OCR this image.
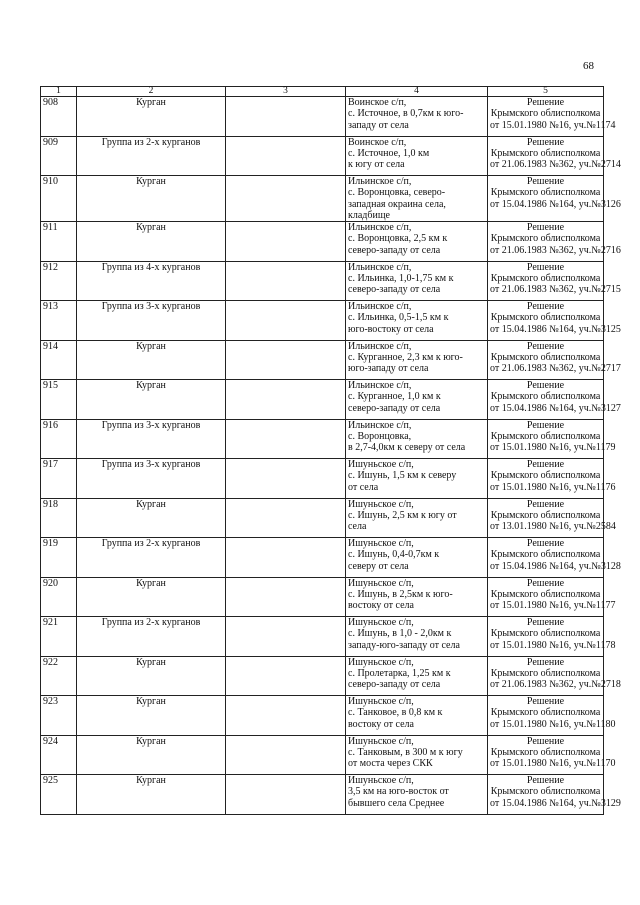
68
1	2	3	4	5
908	Курган		Воинское с/п,
с. Источное, в 0,7км к юго-
западу от села	Решение
Крымского облисполкома
от 15.01.1980 №16, уч.№1174

909	Группа из 2-х курганов		Воинское с/п,
с. Источное, 1,0 км
к югу от села	Решение
Крымского облисполкома
от 21.06.1983 №362, уч.№2714

910	Курган		Ильинское с/п,
с. Воронцовка, северо-
западная окраина села,
кладбище	Решение
Крымского облисполкома
от 15.04.1986 №164, уч.№3126

911	Курган		Ильинское с/п,
с. Воронцовка, 2,5 км к
северо-западу от села	Решение
Крымского облисполкома
от 21.06.1983 №362, уч.№2716

912	Группа из 4-х курганов		Ильинское с/п,
с. Ильинка, 1,0-1,75 км к
северо-западу от села	Решение
Крымского облисполкома
от 21.06.1983 №362, уч.№2715

913	Группа из 3-х курганов		Ильинское с/п,
с. Ильинка, 0,5-1,5 км к
юго-востоку от села	Решение
Крымского облисполкома
от 15.04.1986 №164, уч.№3125

914	Курган		Ильинское с/п,
с. Курганное, 2,3 км к юго-
юго-западу от села	Решение
Крымского облисполкома
от 21.06.1983 №362, уч.№2717

915	Курган		Ильинское с/п,
с. Курганное, 1,0 км к
северо-западу от села	Решение
Крымского облисполкома
от 15.04.1986 №164, уч.№3127

916	Группа из 3-х курганов		Ильинское с/п,
с. Воронцовка,
в 2,7-4,0км к северу от села	Решение
Крымского облисполкома
от 15.01.1980 №16, уч.№1179

917	Группа из 3-х курганов		Ишуньское с/п,
с. Ишунь, 1,5 км к северу
от села	Решение
Крымского облисполкома
от 15.01.1980 №16, уч.№1176

918	Курган		Ишуньское с/п,
с. Ишунь, 2,5 км к югу от
села	Решение
Крымского облисполкома
от 13.01.1980 №16, уч.№2584

919	Группа из 2-х курганов		Ишуньское с/п,
с. Ишунь, 0,4-0,7км к
северу от села	Решение
Крымского облисполкома
от 15.04.1986 №164, уч.№3128

920	Курган		Ишуньское с/п,
с. Ишунь, в 2,5км к юго-
востоку от села	Решение
Крымского облисполкома
от 15.01.1980 №16, уч.№1177

921	Группа из 2-х курганов		Ишуньское с/п,
с. Ишунь, в 1,0 - 2,0км к
западу-юго-западу от села	Решение
Крымского облисполкома
от 15.01.1980 №16, уч.№1178

922	Курган		Ишуньское с/п,
с. Пролетарка, 1,25 км к
северо-западу от села	Решение
Крымского облисполкома
от 21.06.1983 №362, уч.№2718

923	Курган		Ишуньское с/п,
с. Танковое, в 0,8 км к
востоку от села	Решение
Крымского облисполкома
от 15.01.1980 №16, уч.№1180

924	Курган		Ишуньское с/п,
с. Танковым, в 300 м к югу
от моста через СКК	Решение
Крымского облисполкома
от 15.01.1980 №16, уч.№1170

925	Курган		Ишуньское с/п,
3,5 км на юго-восток от
бывшего села Среднее	Решение
Крымского облисполкома
от 15.04.1986 №164, уч.№3129
